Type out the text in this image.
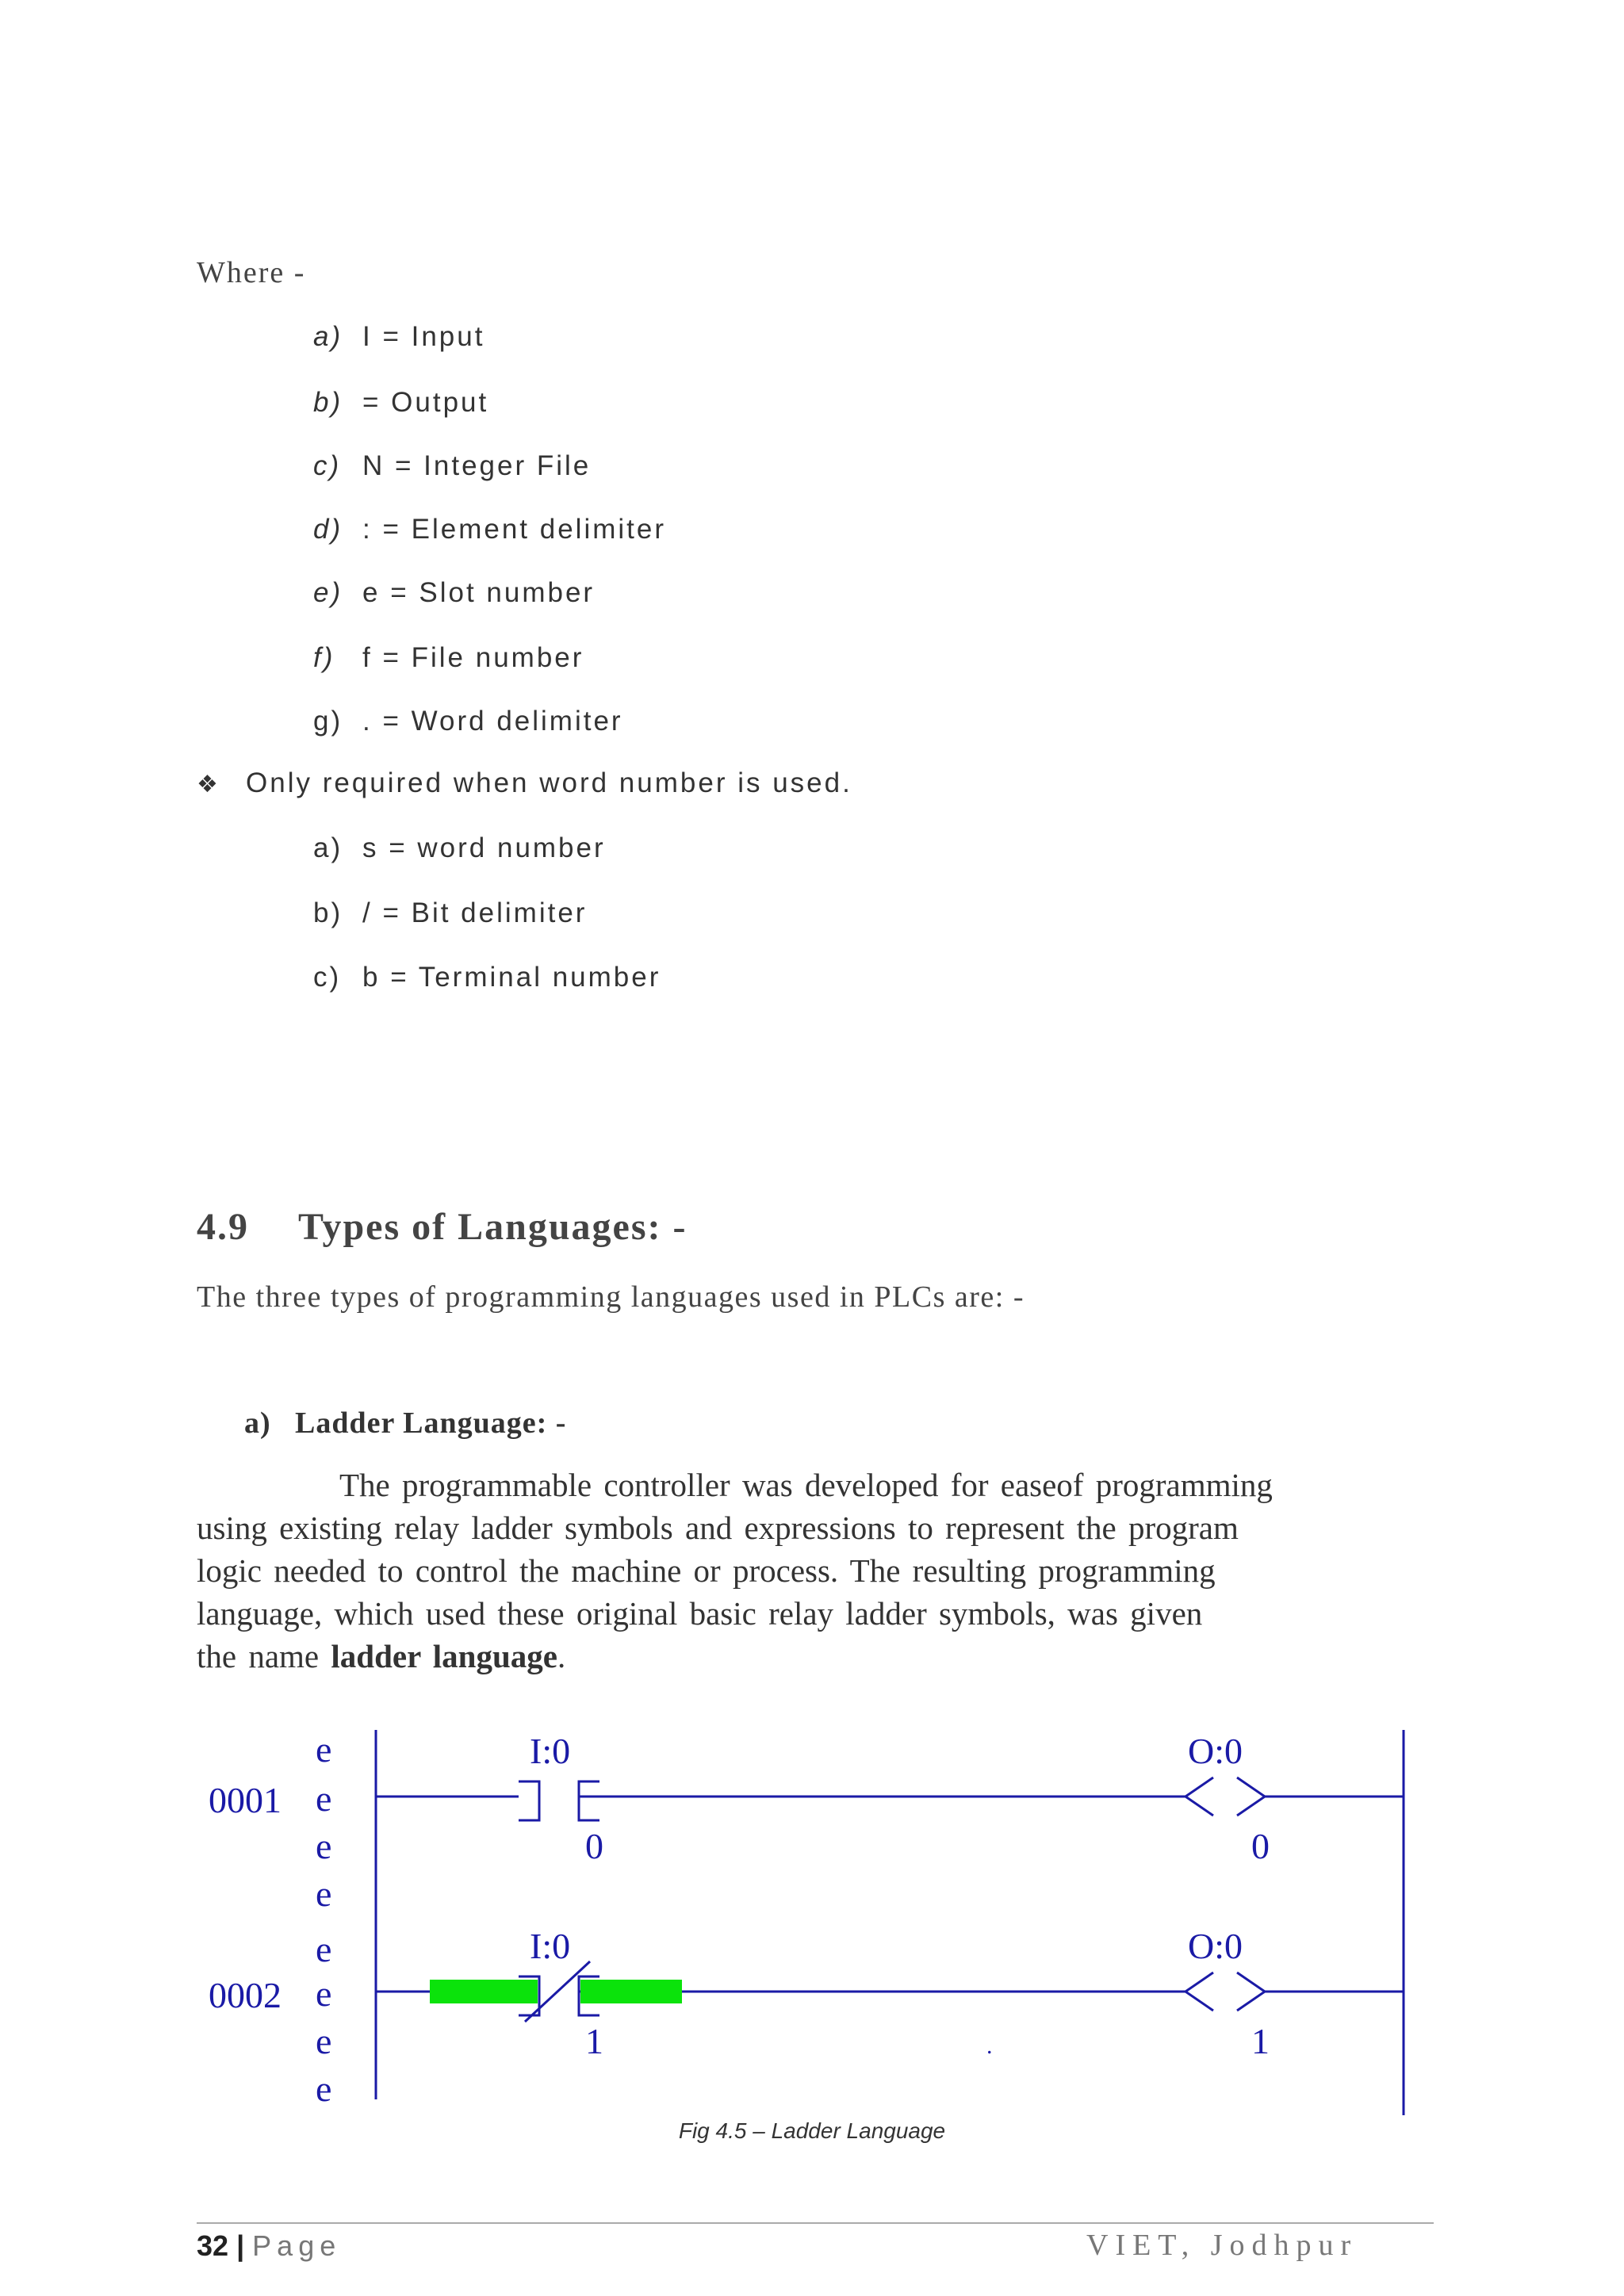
Where -
a) I = Input
b) = Output
c) N = Integer File
d) : = Element delimiter
e) e = Slot number
f) f = File number
g) . = Word delimiter
❖ Only required when word number is used.
a) s = word number
b) / = Bit delimiter
c) b = Terminal number
4.9 Types of Languages: -
The three types of programming languages used in PLCs are: -
a) Ladder Language: -
The programmable controller was developed for easeof programming
using existing relay ladder symbols and expressions to represent the program
logic needed to control the machine or process. The resulting programming
language, which used these original basic relay ladder symbols, was given
the name ladder language.
0001
0002
I:0
0
O:0
0
I:0
1
O:0
1
.
e
e
e
e
e
e
e
e
Fig 4.5 – Ladder Language
32 | Page	VIET, Jodhpur
